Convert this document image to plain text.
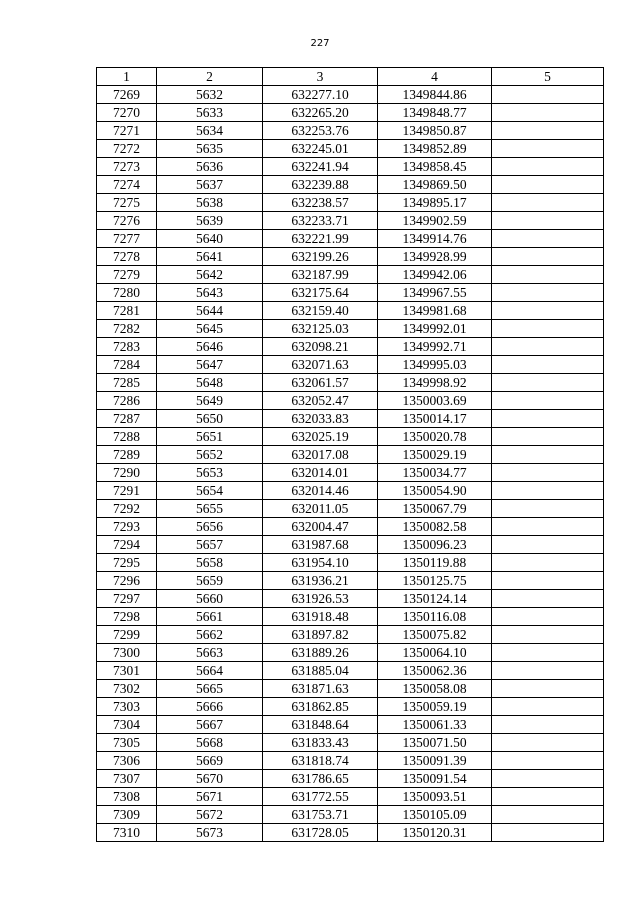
227
1	2	3	4	5
7269	5632	632277.10	1349844.86	
7270	5633	632265.20	1349848.77	
7271	5634	632253.76	1349850.87	
7272	5635	632245.01	1349852.89	
7273	5636	632241.94	1349858.45	
7274	5637	632239.88	1349869.50	
7275	5638	632238.57	1349895.17	
7276	5639	632233.71	1349902.59	
7277	5640	632221.99	1349914.76	
7278	5641	632199.26	1349928.99	
7279	5642	632187.99	1349942.06	
7280	5643	632175.64	1349967.55	
7281	5644	632159.40	1349981.68	
7282	5645	632125.03	1349992.01	
7283	5646	632098.21	1349992.71	
7284	5647	632071.63	1349995.03	
7285	5648	632061.57	1349998.92	
7286	5649	632052.47	1350003.69	
7287	5650	632033.83	1350014.17	
7288	5651	632025.19	1350020.78	
7289	5652	632017.08	1350029.19	
7290	5653	632014.01	1350034.77	
7291	5654	632014.46	1350054.90	
7292	5655	632011.05	1350067.79	
7293	5656	632004.47	1350082.58	
7294	5657	631987.68	1350096.23	
7295	5658	631954.10	1350119.88	
7296	5659	631936.21	1350125.75	
7297	5660	631926.53	1350124.14	
7298	5661	631918.48	1350116.08	
7299	5662	631897.82	1350075.82	
7300	5663	631889.26	1350064.10	
7301	5664	631885.04	1350062.36	
7302	5665	631871.63	1350058.08	
7303	5666	631862.85	1350059.19	
7304	5667	631848.64	1350061.33	
7305	5668	631833.43	1350071.50	
7306	5669	631818.74	1350091.39	
7307	5670	631786.65	1350091.54	
7308	5671	631772.55	1350093.51	
7309	5672	631753.71	1350105.09	
7310	5673	631728.05	1350120.31	
